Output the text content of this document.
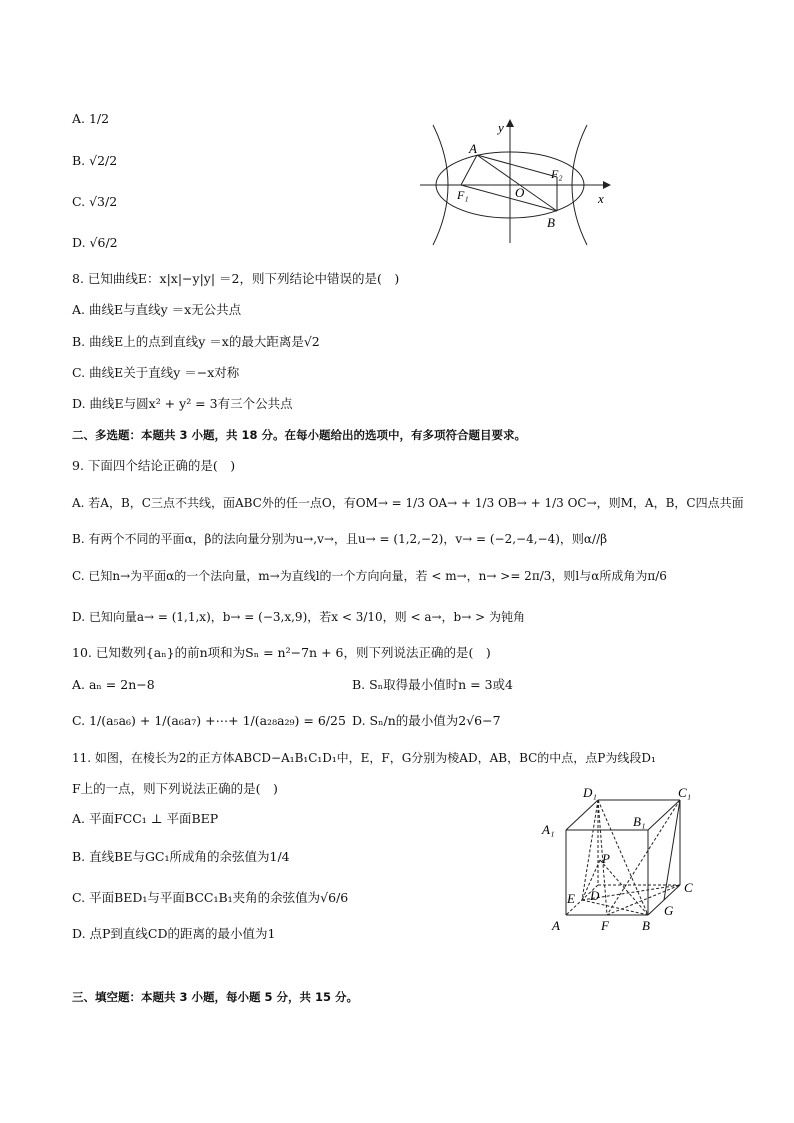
A. 1/2
B. √2/2
C. √3/2
D. √6/2
y
A
F₁	O
F₂
x
B
8. 已知曲线E：x|x|−y|y| ＝2，则下列结论中错误的是(　)
A. 曲线E与直线y ＝x无公共点
B. 曲线E上的点到直线y ＝x的最大距离是√2
C. 曲线E关于直线y ＝−x对称
D. 曲线E与圆x² + y² = 3有三个公共点
二、多选题：本题共 3 小题，共 18 分。在每小题给出的选项中，有多项符合题目要求。
9. 下面四个结论正确的是(　)
A. 若A，B，C三点不共线，面ABC外的任一点O，有OM→ = 1/3 OA→ + 1/3 OB→ + 1/3 OC→，则M，A，B，C四点共面
B. 有两个不同的平面α，β的法向量分别为u→,v→，且u→ = (1,2,−2)，v→ = (−2,−4,−4)，则α//β
C. 已知n→为平面α的一个法向量，m→为直线l的一个方向向量，若 < m→，n→ >= 2π/3，则l与α所成角为π/6
D. 已知向量a→ = (1,1,x)，b→ = (−3,x,9)，若x < 3/10，则 < a→，b→ > 为钝角
10. 已知数列{aₙ}的前n项和为Sₙ = n²−7n + 6，则下列说法正确的是(　)
A. aₙ = 2n−8	B. Sₙ取得最小值时n = 3或4
C. 1/(a₅a₆) + 1/(a₆a₇) +⋯+ 1/(a₂₈a₂₉) = 6/25 D. Sₙ/n的最小值为2√6−7
11. 如图，在棱长为2的正方体ABCD−A₁B₁C₁D₁中，E，F，G分别为棱AD，AB，BC的中点，点P为线段D₁
F上的一点，则下列说法正确的是(　)
A. 平面FCC₁ ⊥ 平面BEP
B. 直线BE与GC₁所成角的余弦值为1/4
C. 平面BED₁与平面BCC₁B₁夹角的余弦值为√6/6
D. 点P到直线CD的距离的最小值为1
D₁	C₁
A₁
B₁
P
C
E D
G
A	F	B
三、填空题：本题共 3 小题，每小题 5 分，共 15 分。
